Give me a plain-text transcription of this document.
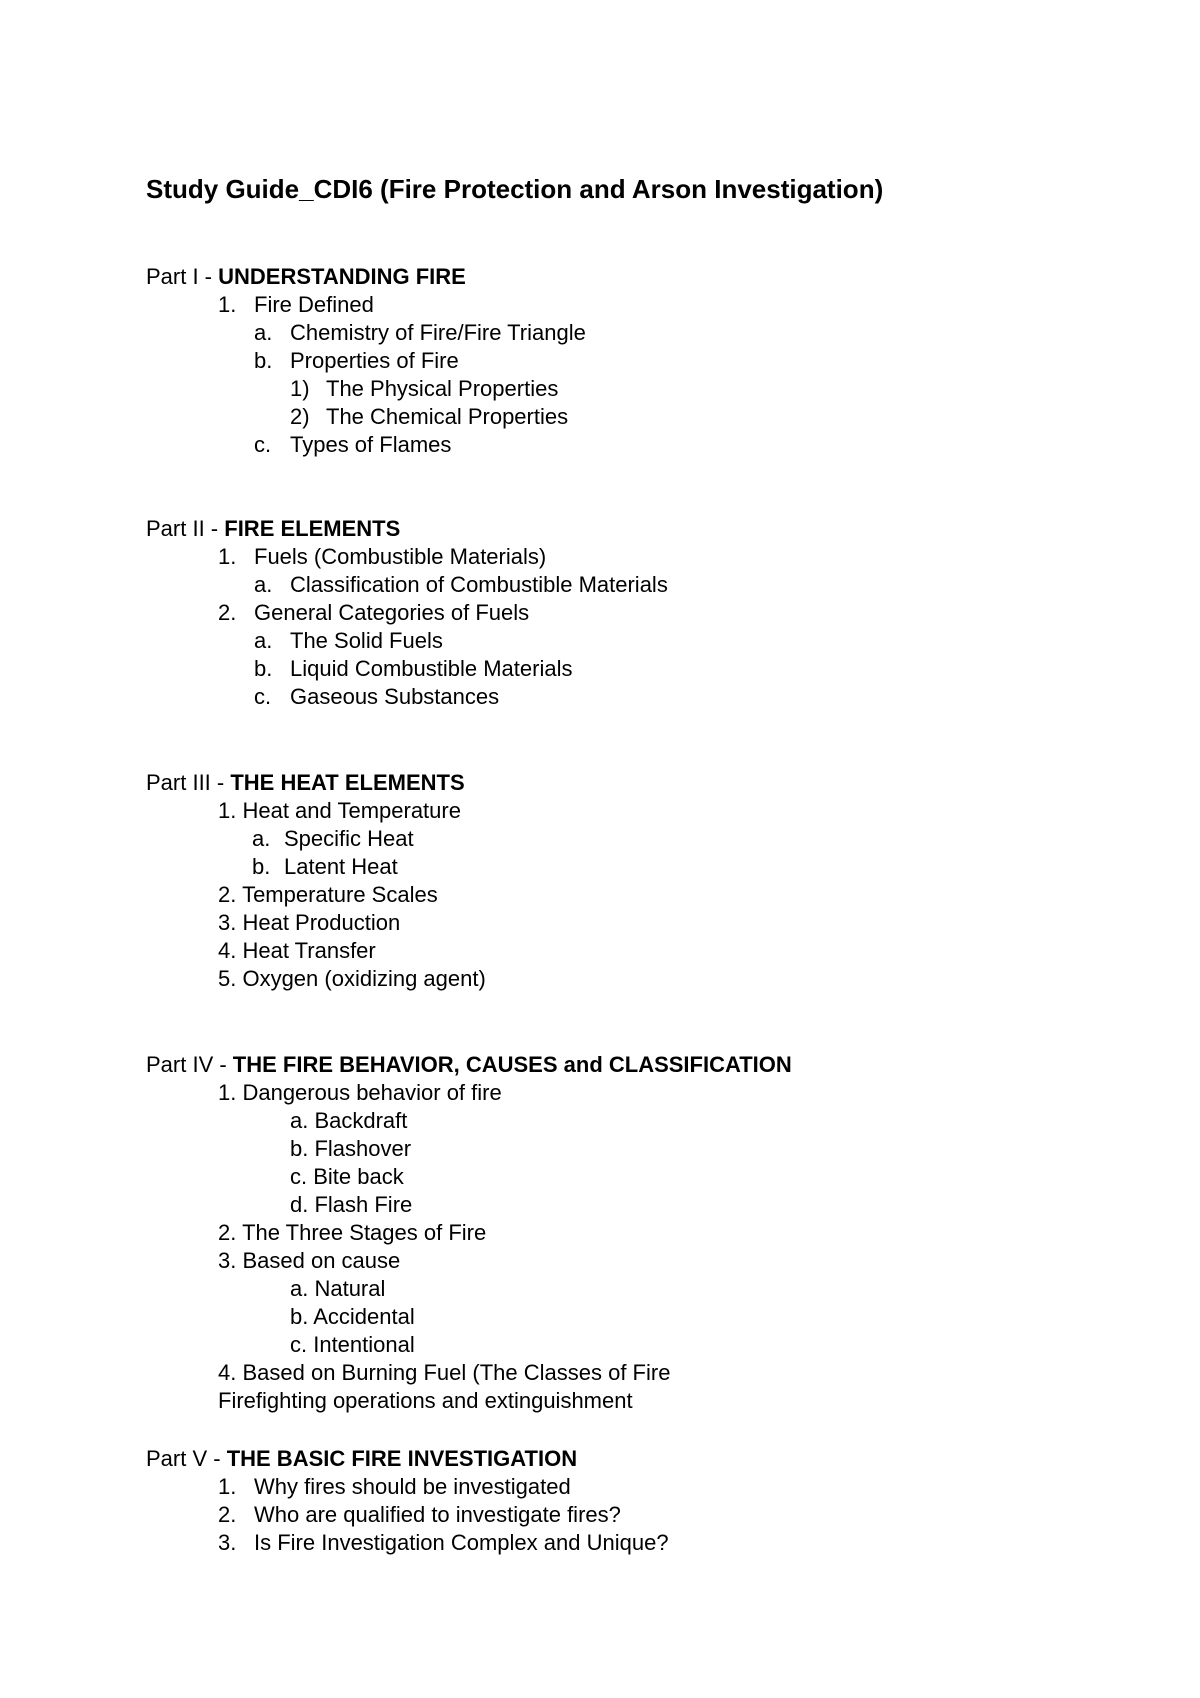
Study Guide_CDI6 (Fire Protection and Arson Investigation)
Part I - UNDERSTANDING FIRE
1. Fire Defined
a. Chemistry of Fire/Fire Triangle
b. Properties of Fire
1) The Physical Properties
2) The Chemical Properties
c. Types of Flames
Part II - FIRE ELEMENTS
1. Fuels (Combustible Materials)
a. Classification of Combustible Materials
2. General Categories of Fuels
a. The Solid Fuels
b. Liquid Combustible Materials
c. Gaseous Substances
Part III - THE HEAT ELEMENTS
1. Heat and Temperature
a. Specific Heat
b. Latent Heat
2. Temperature Scales
3. Heat Production
4. Heat Transfer
5. Oxygen (oxidizing agent)
Part IV - THE FIRE BEHAVIOR, CAUSES and CLASSIFICATION
1. Dangerous behavior of fire
a. Backdraft
b. Flashover
c. Bite back
d. Flash Fire
2. The Three Stages of Fire
3. Based on cause
a. Natural
b. Accidental
c. Intentional
4. Based on Burning Fuel (The Classes of Fire
Firefighting operations and extinguishment
Part V - THE BASIC FIRE INVESTIGATION
1. Why fires should be investigated
2. Who are qualified to investigate fires?
3. Is Fire Investigation Complex and Unique?
